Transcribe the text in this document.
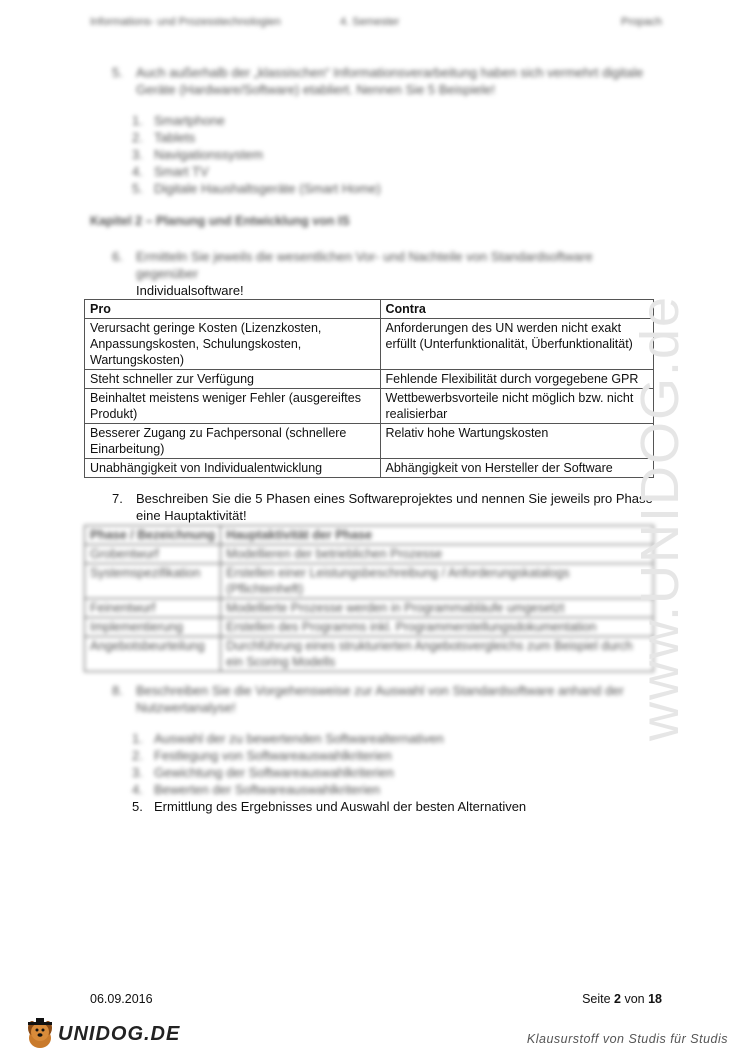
Informations- und Prozesstechnologien	4. Semester	Propach
5. Auch außerhalb der „klassischen“ Informationsverarbeitung haben sich vermehrt digitale Geräte (Hardware/Software) etabliert. Nennen Sie 5 Beispiele!
1. Smartphone
2. Tablets
3. Navigationssystem
4. Smart TV
5. Digitale Haushaltsgeräte (Smart Home)
Kapitel 2 – Planung und Entwicklung von IS
6. Ermitteln Sie jeweils die wesentlichen Vor- und Nachteile von Standardsoftware gegenüber
Individualsoftware!
Pro	Contra
Verursacht geringe Kosten (Lizenzkosten, Anpassungskosten, Schulungskosten, Wartungskosten)	Anforderungen des UN werden nicht exakt erfüllt (Unterfunktionalität, Überfunktionalität)
Steht schneller zur Verfügung	Fehlende Flexibilität durch vorgegebene GPR
Beinhaltet meistens weniger Fehler (ausgereiftes Produkt)	Wettbewerbsvorteile nicht möglich bzw. nicht realisierbar
Besserer Zugang zu Fachpersonal (schnellere Einarbeitung)	Relativ hohe Wartungskosten
Unabhängigkeit von Individualentwicklung	Abhängigkeit von Hersteller der Software
7. Beschreiben Sie die 5 Phasen eines Softwareprojektes und nennen Sie jeweils pro Phase eine Hauptaktivität!
Phase / Bezeichnung	Hauptaktivität der Phase
Grobentwurf	Modellieren der betrieblichen Prozesse
Systemspezifikation	Erstellen einer Leistungsbeschreibung / Anforderungskatalogs (Pflichtenheft)
Feinentwurf	Modellierte Prozesse werden in Programmabläufe umgesetzt
Implementierung	Erstellen des Programms inkl. Programmerstellungsdokumentation
Angebotsbeurteilung	Durchführung eines strukturierten Angebotsvergleichs zum Beispiel durch ein Scoring Modells
8. Beschreiben Sie die Vorgehensweise zur Auswahl von Standardsoftware anhand der Nutzwertanalyse!
1. Auswahl der zu bewertenden Softwarealternativen
2. Festlegung von Softwareauswahlkriterien
3. Gewichtung der Softwareauswahlkriterien
4. Bewerten der Softwareauswahlkriterien
5. Ermittlung des Ergebnisses und Auswahl der besten Alternativen
www.UNIDOG.de
06.09.2016	Seite 2 von 18
UNIDOG.DE	Klausurstoff von Studis für Studis
